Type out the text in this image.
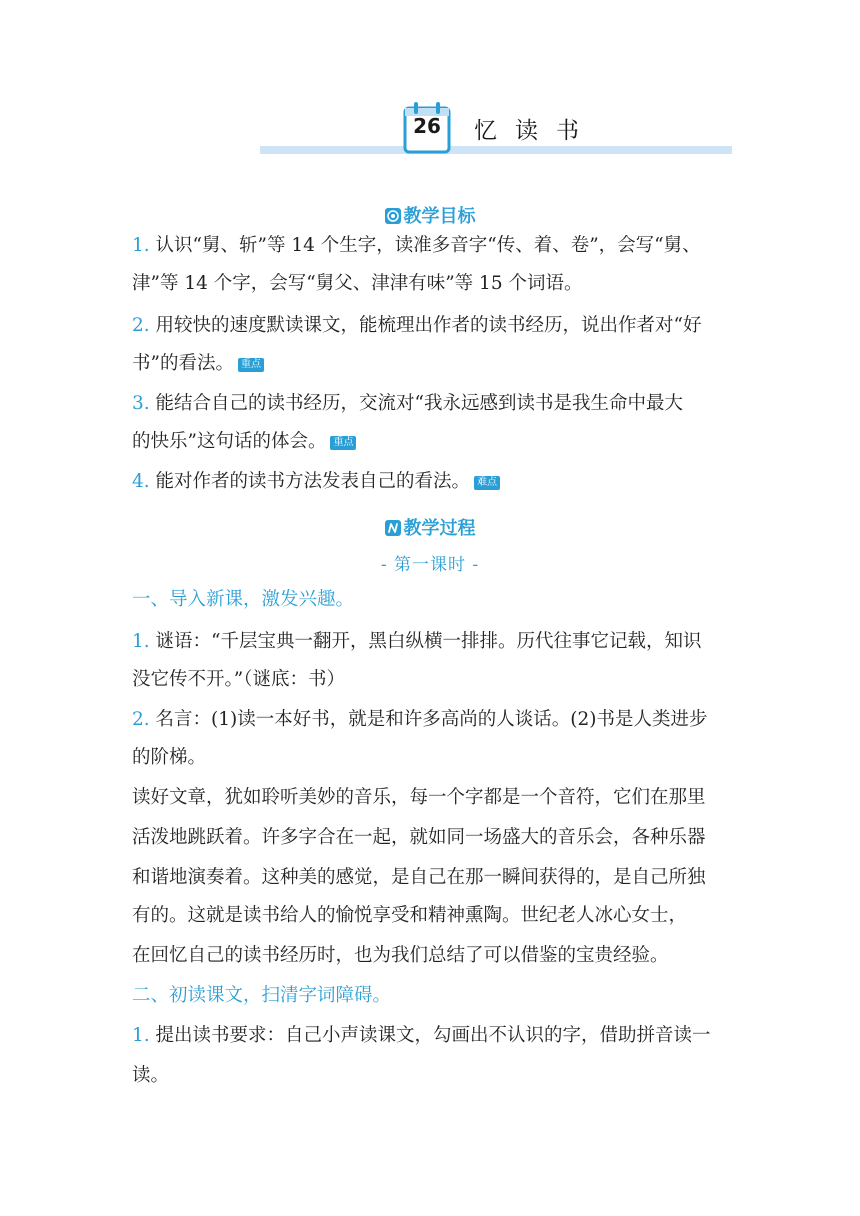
26	忆读书
教学目标
1. 认识“舅、斩”等 14 个生字，读准多音字“传、着、卷”，会写“舅、
津”等 14 个字，会写“舅父、津津有味”等 15 个词语。
2. 用较快的速度默读课文，能梳理出作者的读书经历，说出作者对“好
书”的看法。 重点
3. 能结合自己的读书经历，交流对“我永远感到读书是我生命中最大
的快乐”这句话的体会。 重点
4. 能对作者的读书方法发表自己的看法。 难点
教学过程
- 第一课时 -
一、导入新课，激发兴趣。
1. 谜语：“千层宝典一翻开，黑白纵横一排排。历代往事它记载，知识
没它传不开。”（谜底：书）
2. 名言：(1)读一本好书，就是和许多高尚的人谈话。(2)书是人类进步
的阶梯。
读好文章，犹如聆听美妙的音乐，每一个字都是一个音符，它们在那里
活泼地跳跃着。许多字合在一起，就如同一场盛大的音乐会，各种乐器
和谐地演奏着。这种美的感觉，是自己在那一瞬间获得的，是自己所独
有的。这就是读书给人的愉悦享受和精神熏陶。世纪老人冰心女士，
在回忆自己的读书经历时，也为我们总结了可以借鉴的宝贵经验。
二、初读课文，扫清字词障碍。
1. 提出读书要求：自己小声读课文，勾画出不认识的字，借助拼音读一
读。
